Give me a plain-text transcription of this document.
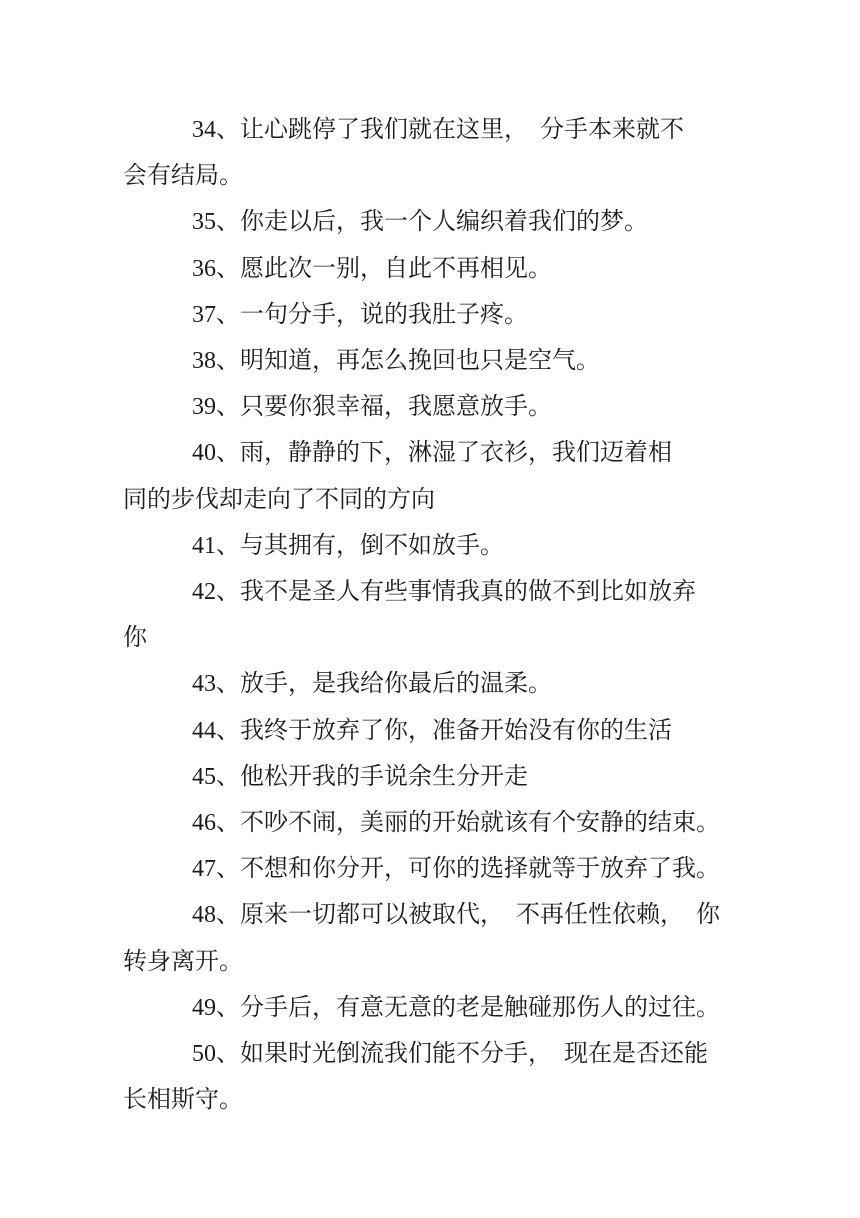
34、让心跳停了我们就在这里，　分手本来就不
会有结局。
35、你走以后，我一个人编织着我们的梦。
36、愿此次一别，自此不再相见。
37、一句分手，说的我肚子疼。
38、明知道，再怎么挽回也只是空气。
39、只要你狠幸福，我愿意放手。
40、雨，静静的下，淋湿了衣衫，我们迈着相
同的步伐却走向了不同的方向
41、与其拥有，倒不如放手。
42、我不是圣人有些事情我真的做不到比如放弃
你
43、放手，是我给你最后的温柔。
44、我终于放弃了你，准备开始没有你的生活
45、他松开我的手说余生分开走
46、不吵不闹，美丽的开始就该有个安静的结束。
47、不想和你分开，可你的选择就等于放弃了我。
48、原来一切都可以被取代，　不再任性依赖，　你
转身离开。
49、分手后，有意无意的老是触碰那伤人的过往。
50、如果时光倒流我们能不分手，　现在是否还能
长相斯守。
